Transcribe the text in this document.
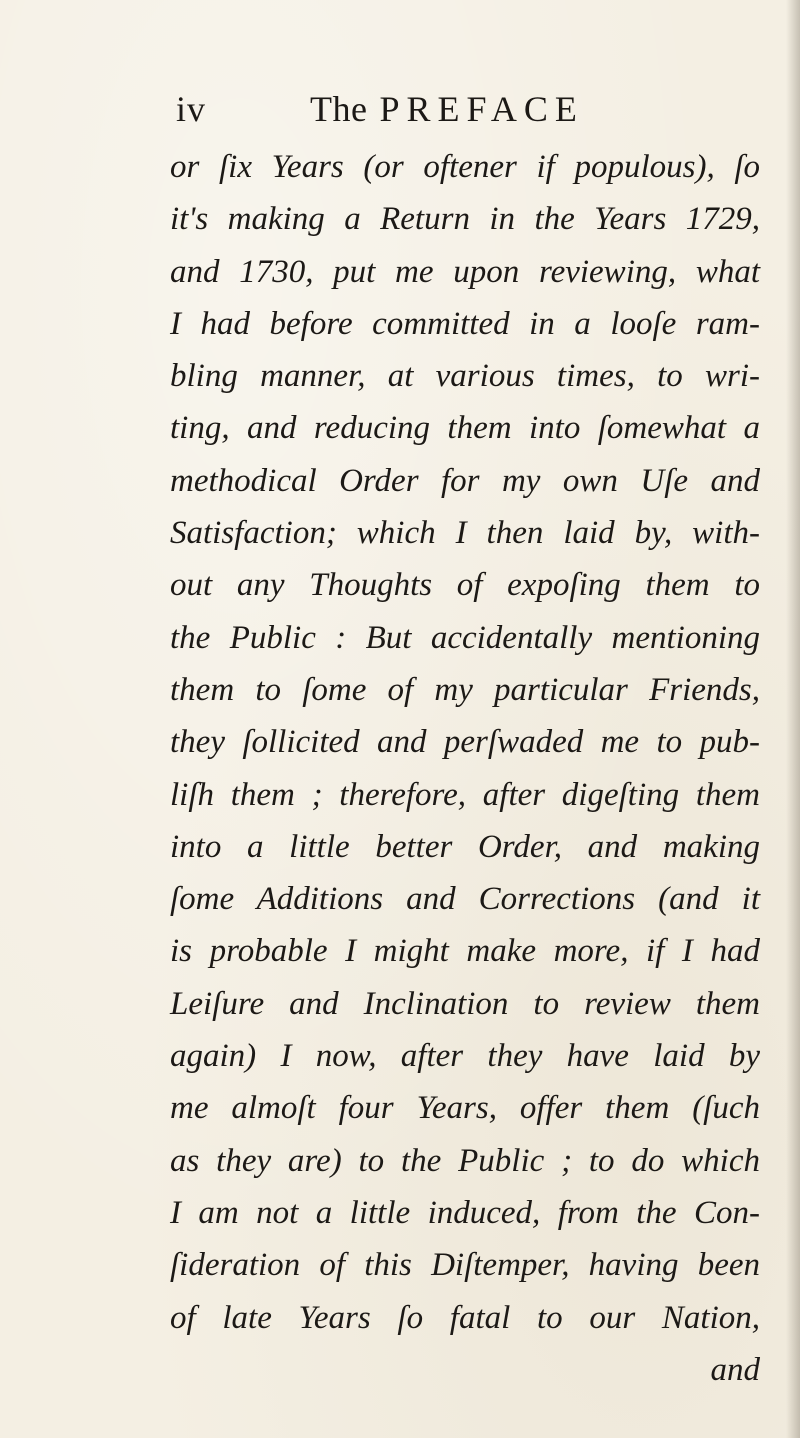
iv	The PREFACE
or ſix Years (or oftener if populous), ſo
it's making a Return in the Years 1729,
and 1730, put me upon reviewing, what
I had before committed in a looſe ram-
bling manner, at various times, to wri-
ting, and reducing them into ſomewhat a
methodical Order for my own Uſe and
Satisfaction; which I then laid by, with-
out any Thoughts of expoſing them to
the Public : But accidentally mentioning
them to ſome of my particular Friends,
they ſollicited and perſwaded me to pub-
liſh them ; therefore, after digeſting them
into a little better Order, and making
ſome Additions and Corrections (and it
is probable I might make more, if I had
Leiſure and Inclination to review them
again) I now, after they have laid by
me almoſt four Years, offer them (ſuch
as they are) to the Public ; to do which
I am not a little induced, from the Con-
ſideration of this Diſtemper, having been
of late Years ſo fatal to our Nation,
and
